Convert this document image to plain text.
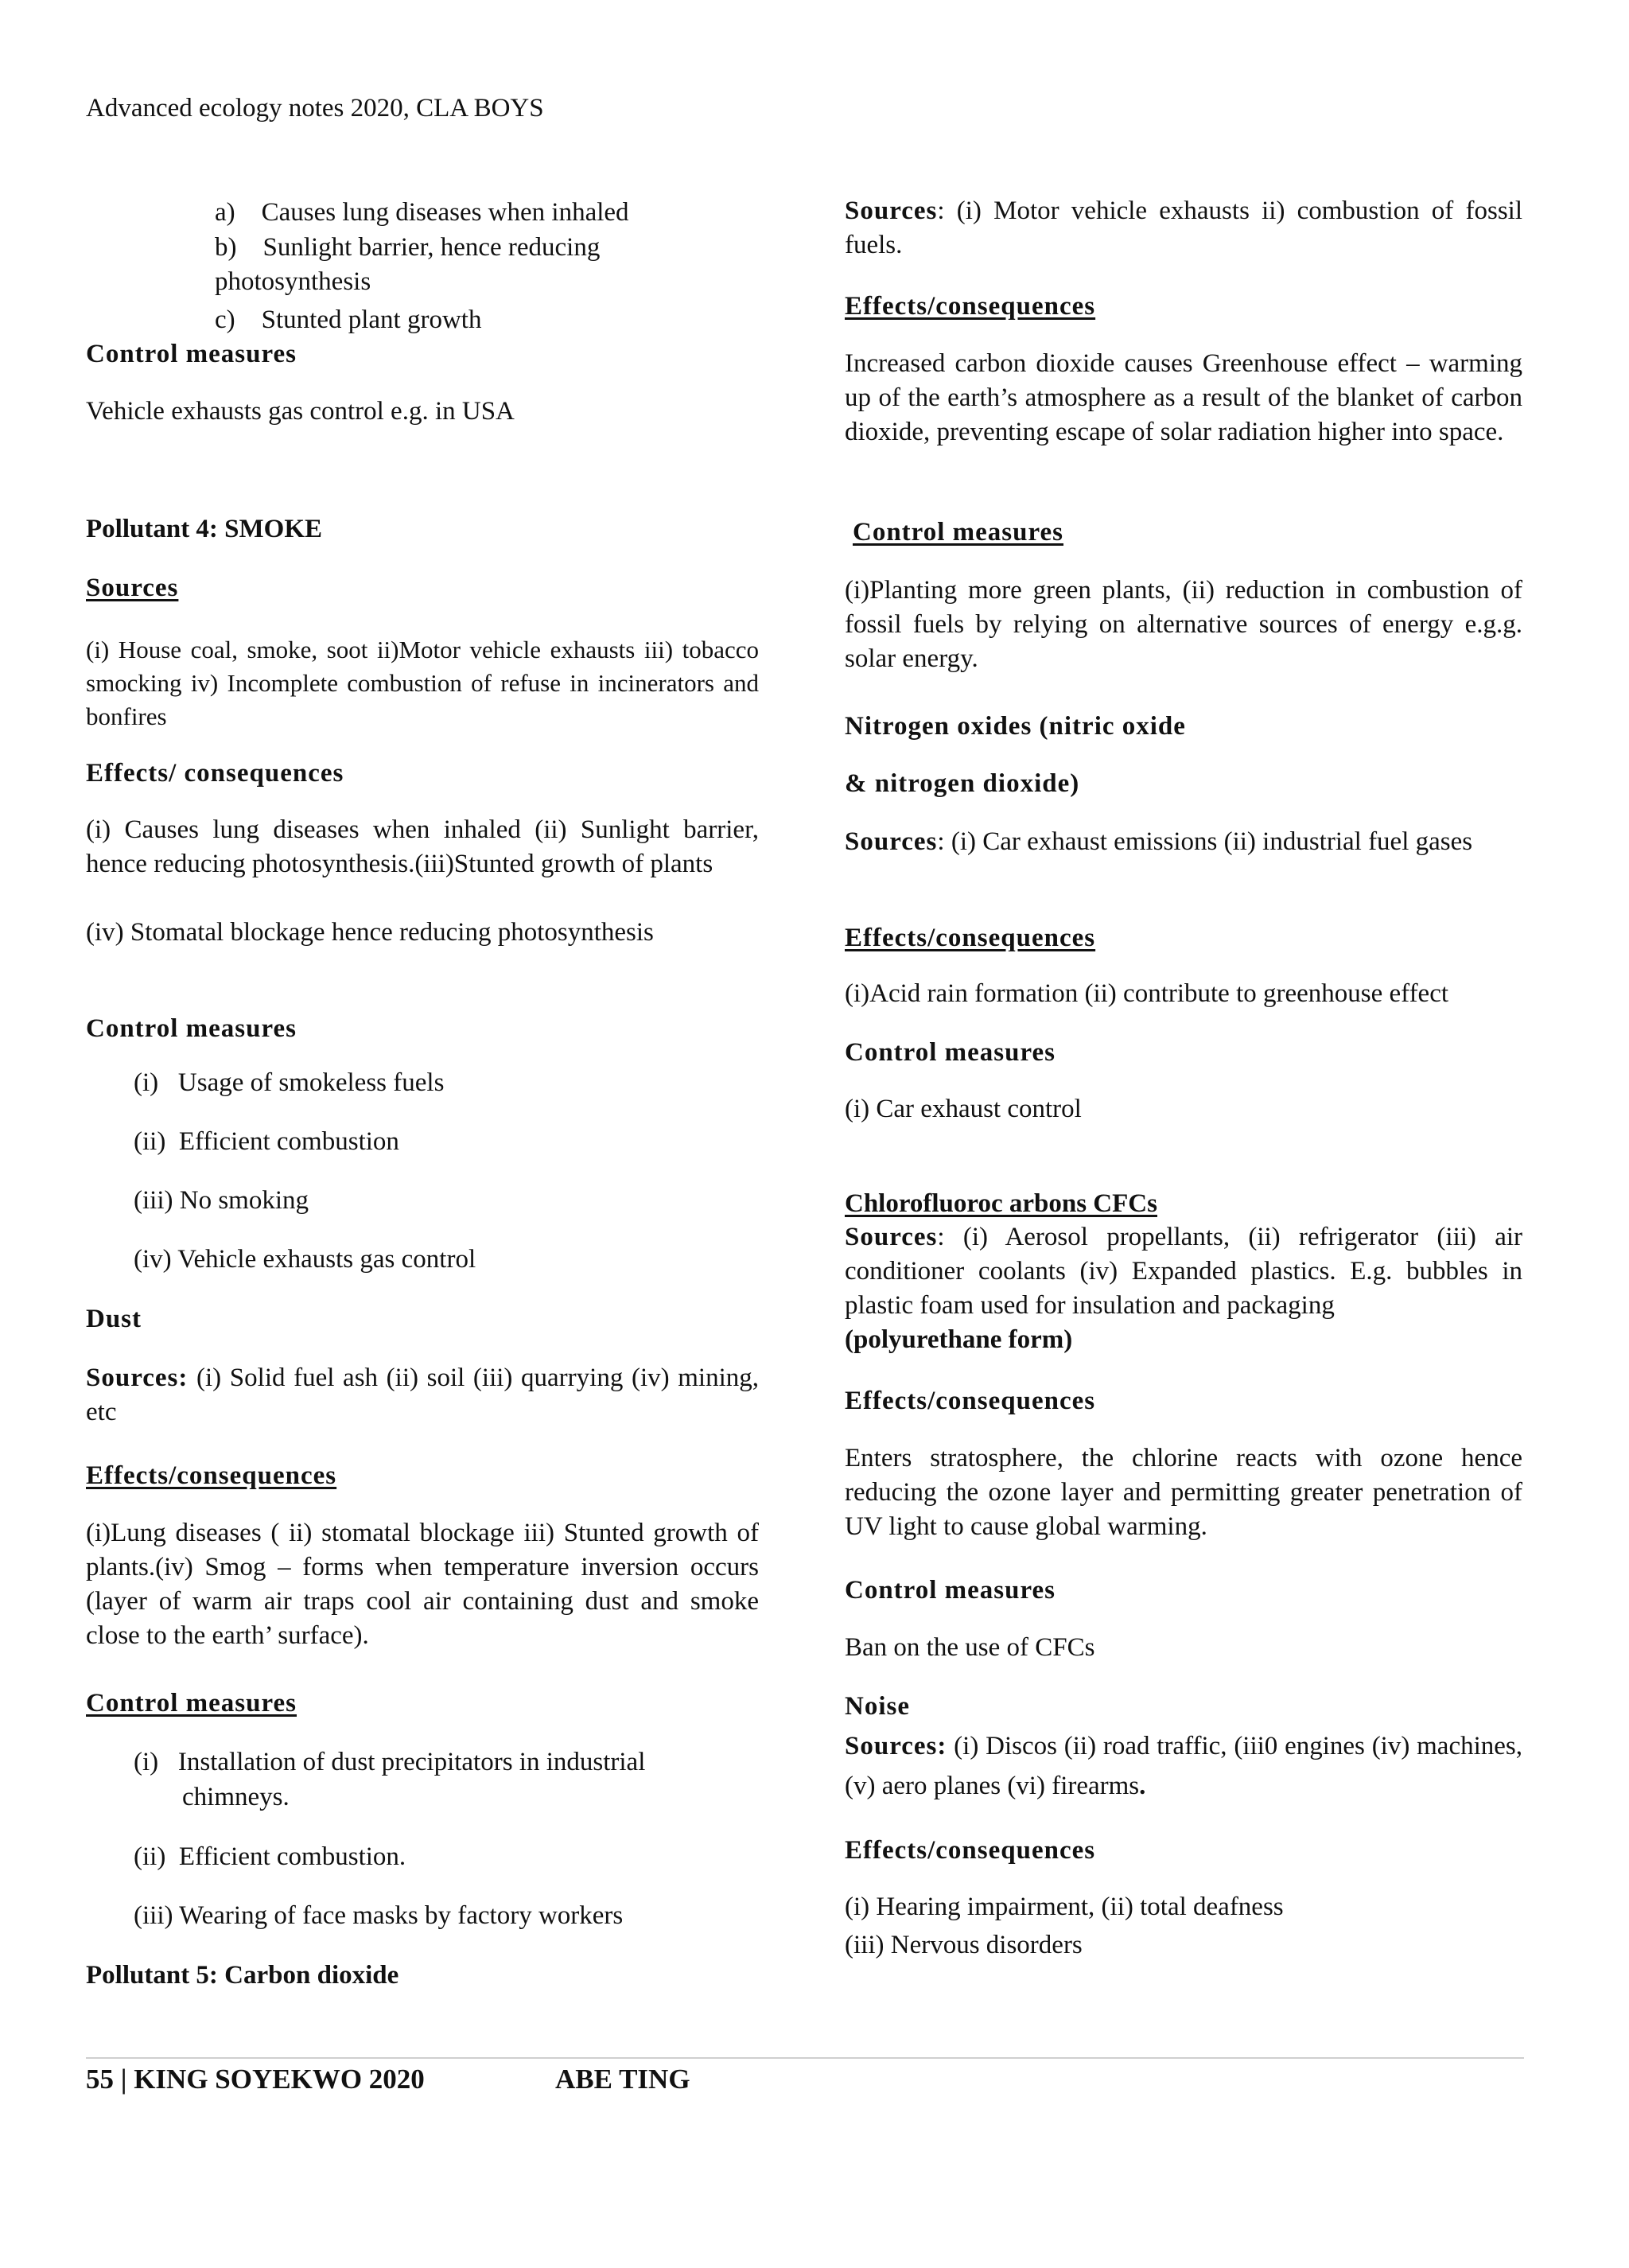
Advanced ecology notes 2020, CLA BOYS
a) Causes lung diseases when inhaled
b) Sunlight barrier, hence reducing
photosynthesis
c) Stunted plant growth
Control measures
Vehicle exhausts gas control e.g. in USA
Pollutant 4: SMOKE
Sources
(i) House coal, smoke, soot ii)Motor vehicle exhausts iii) tobacco smocking iv) Incomplete combustion of refuse in incinerators and bonfires
Effects/ consequences
(i) Causes lung diseases when inhaled (ii) Sunlight barrier, hence reducing photosynthesis.(iii)Stunted growth of plants
(iv) Stomatal blockage hence reducing photosynthesis
Control measures
(i)  Usage of smokeless fuels
(ii) Efficient combustion
(iii) No smoking
(iv) Vehicle exhausts gas control
Dust
Sources: (i) Solid fuel ash (ii) soil (iii) quarrying (iv) mining, etc
Effects/consequences
(i)Lung diseases ( ii) stomatal blockage iii) Stunted growth of plants.(iv) Smog – forms when temperature inversion occurs (layer of warm air traps cool air containing dust and smoke close to the earth’ surface).
Control measures
(i)  Installation of dust precipitators in industrial
chimneys.
(ii) Efficient combustion.
(iii) Wearing of face masks by factory workers
Pollutant 5: Carbon dioxide
Sources: (i) Motor vehicle exhausts ii) combustion of fossil fuels.
Effects/consequences
Increased carbon dioxide causes Greenhouse effect – warming up of the earth’s atmosphere as a result of the blanket of carbon dioxide, preventing escape of solar radiation higher into space.
Control measures
(i)Planting more green plants, (ii) reduction in combustion of fossil fuels by relying on alternative sources of energy e.g.g. solar energy.
Nitrogen oxides (nitric oxide
& nitrogen dioxide)
Sources: (i) Car exhaust emissions (ii) industrial fuel gases
Effects/consequences
(i)Acid rain formation (ii) contribute to greenhouse effect
Control measures
(i) Car exhaust control
Chlorofluoroc arbons CFCs
Sources: (i) Aerosol propellants, (ii) refrigerator (iii) air conditioner coolants (iv) Expanded plastics. E.g. bubbles in plastic foam used for insulation and packaging
(polyurethane form)
Effects/consequences
Enters stratosphere, the chlorine reacts with ozone hence reducing the ozone layer and permitting greater penetration of UV light to cause global warming.
Control measures
Ban on the use of CFCs
Noise
Sources: (i) Discos (ii) road traffic, (iii0 engines (iv) machines, (v) aero planes (vi) firearms.
Effects/consequences
(i) Hearing impairment, (ii) total deafness
(iii) Nervous disorders
55 | KING SOYEKWO 2020	ABE TING
